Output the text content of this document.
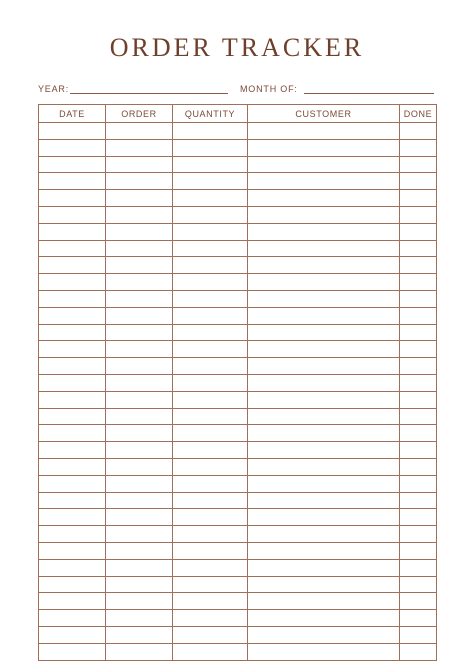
ORDER TRACKER
YEAR:	MONTH OF:
DATE	ORDER	QUANTITY	CUSTOMER	DONE
